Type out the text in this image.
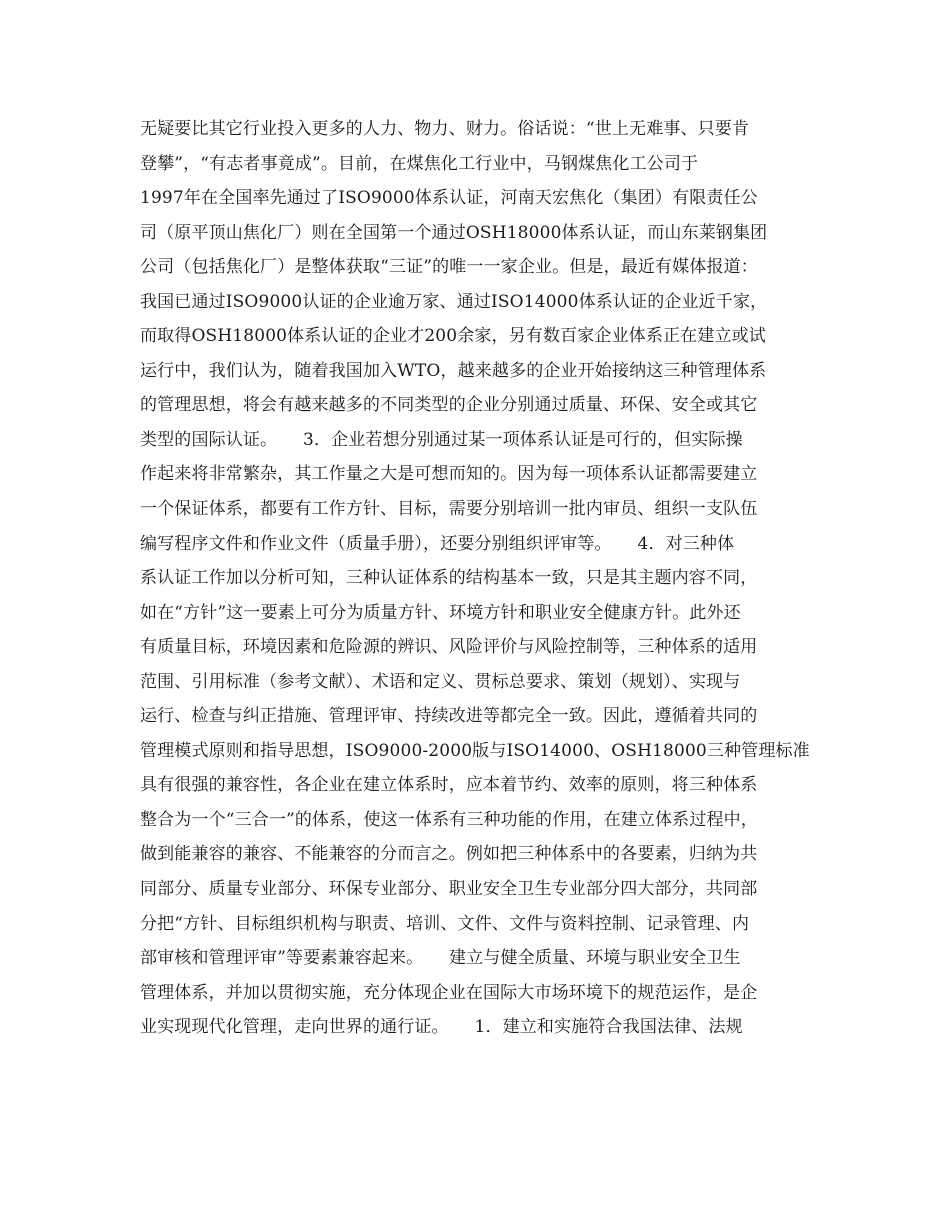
无疑要比其它行业投入更多的人力、物力、财力。俗话说：“世上无难事、只要肯
登攀”，“有志者事竟成”。目前，在煤焦化工行业中，马钢煤焦化工公司于
1997年在全国率先通过了ISO9000体系认证，河南天宏焦化（集团）有限责任公
司（原平顶山焦化厂）则在全国第一个通过OSH18000体系认证，而山东莱钢集团
公司（包括焦化厂）是整体获取“三证”的唯一一家企业。但是，最近有媒体报道：
我国已通过ISO9000认证的企业逾万家、通过ISO14000体系认证的企业近千家，
而取得OSH18000体系认证的企业才200余家，另有数百家企业体系正在建立或试
运行中，我们认为，随着我国加入WTO，越来越多的企业开始接纳这三种管理体系
的管理思想，将会有越来越多的不同类型的企业分别通过质量、环保、安全或其它
类型的国际认证。　　3．企业若想分别通过某一项体系认证是可行的，但实际操
作起来将非常繁杂，其工作量之大是可想而知的。因为每一项体系认证都需要建立
一个保证体系，都要有工作方针、目标，需要分别培训一批内审员、组织一支队伍
编写程序文件和作业文件（质量手册），还要分别组织评审等。　　4．对三种体
系认证工作加以分析可知，三种认证体系的结构基本一致，只是其主题内容不同，
如在“方针”这一要素上可分为质量方针、环境方针和职业安全健康方针。此外还
有质量目标，环境因素和危险源的辨识、风险评价与风险控制等，三种体系的适用
范围、引用标准（参考文献）、术语和定义、贯标总要求、策划（规划）、实现与
运行、检查与纠正措施、管理评审、持续改进等都完全一致。因此，遵循着共同的
管理模式原则和指导思想，ISO9000-2000版与ISO14000、OSH18000三种管理标准
具有很强的兼容性，各企业在建立体系时，应本着节约、效率的原则，将三种体系
整合为一个“三合一”的体系，使这一体系有三种功能的作用，在建立体系过程中，
做到能兼容的兼容、不能兼容的分而言之。例如把三种体系中的各要素，归纳为共
同部分、质量专业部分、环保专业部分、职业安全卫生专业部分四大部分，共同部
分把“方针、目标组织机构与职责、培训、文件、文件与资料控制、记录管理、内
部审核和管理评审”等要素兼容起来。　　建立与健全质量、环境与职业安全卫生
管理体系，并加以贯彻实施，充分体现企业在国际大市场环境下的规范运作，是企
业实现现代化管理，走向世界的通行证。　　1．建立和实施符合我国法律、法规
